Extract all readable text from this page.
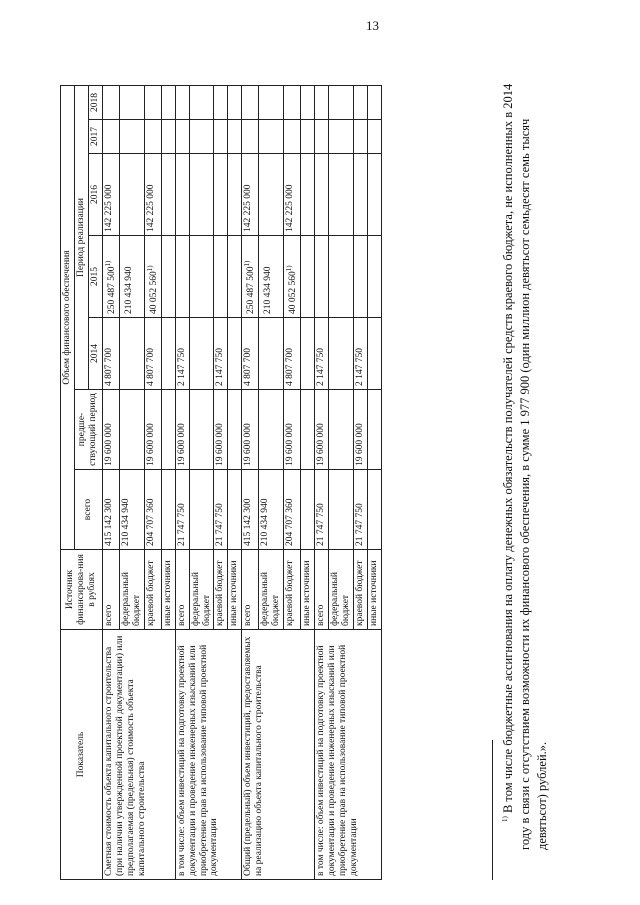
13
Показатель	Источник финансирова-ния в рублях	Объем финансового обеспечения						
		всего	предше-ствующий период	Период реализации				
				2014	2015	2016	2017	2018
Сметная стоимость объекта капитального строительства (при наличии утвержденной проектной документации) или предполагаемая (предельная) стоимость объекта капитального строительства	всего	415 142 300	19 600 000	4 807 700	250 487 500$^{1)}$	142 225 000		
	федеральный бюджет	210 434 940			210 434 940			
	краевой бюджет	204 707 360	19 600 000	4 807 700	40 052 560$^{1)}$	142 225 000		
	иные источники							
в том числе: объем инвестиций на подготовку проектной документации и проведение инженерных изысканий или приобретение прав на использование типовой проектной документации	всего	21 747 750	19 600 000	2 147 750				
	федеральный бюджет							
	краевой бюджет	21 747 750	19 600 000	2 147 750				
	иные источники							
Общий (предельный) объем инвестиций, предоставляемых на реализацию объекта капитального строительства	всего	415 142 300	19 600 000	4 807 700	250 487 500$^{1)}$	142 225 000		
	федеральный бюджет	210 434 940			210 434 940			
	краевой бюджет	204 707 360	19 600 000	4 807 700	40 052 560$^{1)}$	142 225 000		
	иные источники							
в том числе: объем инвестиций на подготовку проектной документации и проведение инженерных изысканий или приобретение прав на использование типовой проектной документации	всего	21 747 750	19 600 000	2 147 750				
	федеральный бюджет							
	краевой бюджет	21 747 750	19 600 000	2 147 750				
	иные источники							
$^{1)}$ В том числе бюджетные ассигнования на оплату денежных обязательств получателей средств краевого бюджета, не исполненных в 2014 году в связи с отсутствием возможности их финансового обеспечения, в сумме 1 977 900 (один миллион девятьсот семьдесят семь тысяч девятьсот) рублей.».
